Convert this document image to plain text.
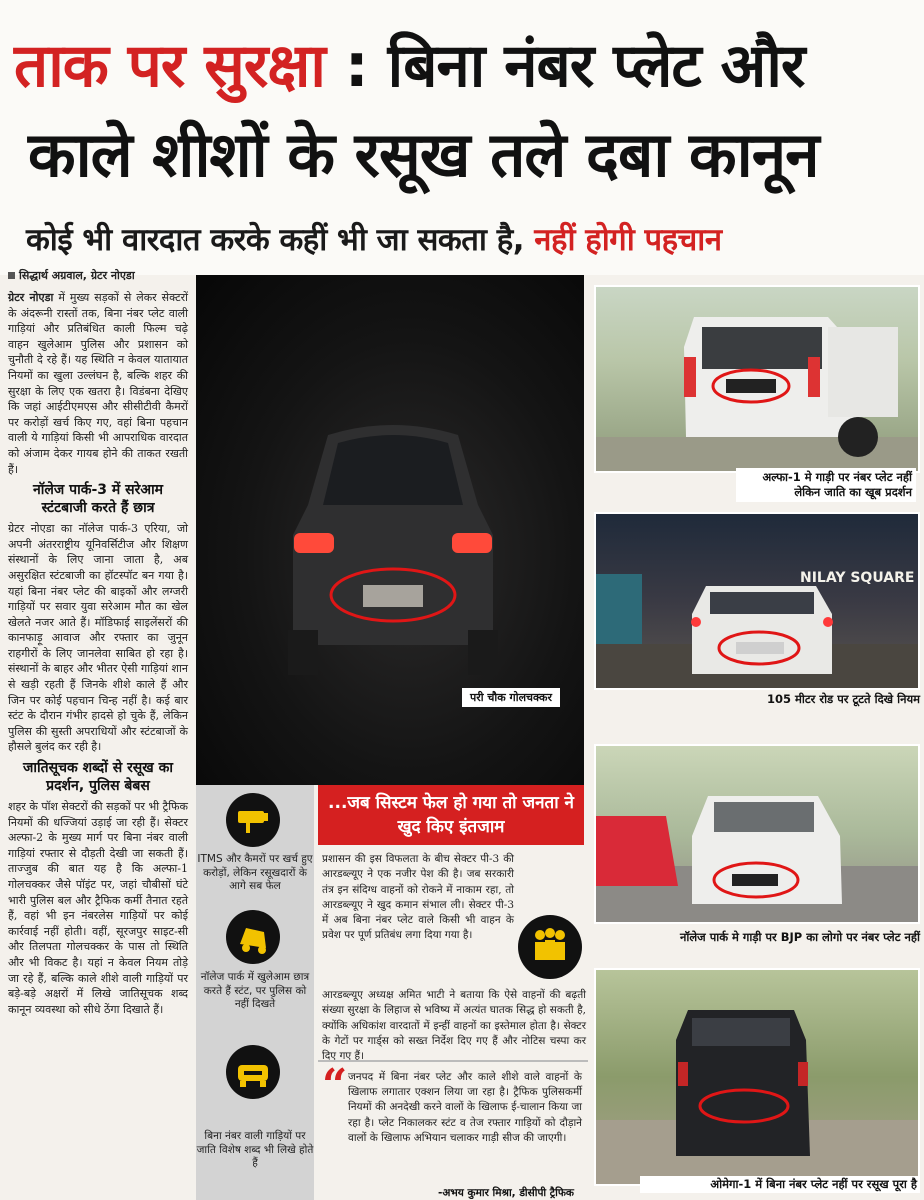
ताक पर सुरक्षा : बिना नंबर प्लेट और
काले शीशों के रसूख तले दबा कानून
कोई भी वारदात करके कहीं भी जा सकता है, नहीं होगी पहचान
सिद्धार्थ अग्रवाल, ग्रेटर नोएडा

ग्रेटर नोएडा में मुख्य सड़कों से लेकर सेक्टरों के अंदरूनी रास्तों तक, बिना नंबर प्लेट वाली गाड़ियां और प्रतिबंधित काली फिल्म चढ़े वाहन खुलेआम पुलिस और प्रशासन को चुनौती दे रहे हैं। यह स्थिति न केवल यातायात नियमों का खुला उल्लंघन है, बल्कि शहर की सुरक्षा के लिए एक खतरा है। विडंबना देखिए कि जहां आईटीएमएस और सीसीटीवी कैमरों पर करोड़ों खर्च किए गए, वहां बिना पहचान वाली ये गाड़ियां किसी भी आपराधिक वारदात को अंजाम देकर गायब होने की ताकत रखती हैं।

नॉलेज पार्क-3 में सरेआम स्टंटबाजी करते हैं छात्र

ग्रेटर नोएडा का नॉलेज पार्क-3 एरिया, जो अपनी अंतरराष्ट्रीय यूनिवर्सिटीज और शिक्षण संस्थानों के लिए जाना जाता है, अब असुरक्षित स्टंटबाजी का हॉटस्पॉट बन गया है। यहां बिना नंबर प्लेट की बाइकों और लग्जरी गाड़ियों पर सवार युवा सरेआम मौत का खेल खेलते नजर आते हैं। मॉडिफाई साइलेंसरों की कानफाड़ू आवाज और रफ्तार का जुनून राहगीरों के लिए जानलेवा साबित हो रहा है। संस्थानों के बाहर और भीतर ऐसी गाड़ियां शान से खड़ी रहती हैं जिनके शीशे काले हैं और जिन पर कोई पहचान चिन्ह नहीं है। कई बार स्टंट के दौरान गंभीर हादसे हो चुके हैं, लेकिन पुलिस की सुस्ती अपराधियों और स्टंटबाजों के हौसले बुलंद कर रही है।

जातिसूचक शब्दों से रसूख का प्रदर्शन, पुलिस बेबस

शहर के पॉश सेक्टरों की सड़कों पर भी ट्रैफिक नियमों की धज्जियां उड़ाई जा रही हैं। सेक्टर अल्फा-2 के मुख्य मार्ग पर बिना नंबर वाली गाड़ियां रफ्तार से दौड़ती देखी जा सकती हैं। ताज्जुब की बात यह है कि अल्फा-1 गोलचक्कर जैसे पॉइंट पर, जहां चौबीसों घंटे भारी पुलिस बल और ट्रैफिक कर्मी तैनात रहते हैं, वहां भी इन नंबरलेस गाड़ियों पर कोई कार्रवाई नहीं होती। वहीं, सूरजपुर साइट-सी और तिलपता गोलचक्कर के पास तो स्थिति और भी विकट है। यहां न केवल नियम तोड़े जा रहे हैं, बल्कि काले शीशे वाली गाड़ियों पर बड़े-बड़े अक्षरों में लिखे जातिसूचक शब्द कानून व्यवस्था को सीधे ठेंगा दिखाते हैं।

परी चौक गोलचक्कर
अल्फा-1 मे गाड़ी पर नंबर प्लेट नहीं लेकिन जाति का खूब प्रदर्शन
NILAY SQUARE
105 मीटर रोड पर टूटते दिखे नियम
नॉलेज पार्क मे गाड़ी पर BJP का लोगो पर नंबर प्लेट नहीं
ओमेगा-1 में बिना नंबर प्लेट नहीं पर रसूख पूरा है
ITMS और कैमरों पर खर्च हुए करोड़ों, लेकिन रसूखदारों के आगे सब फेल
नॉलेज पार्क में खुलेआम छात्र करते हैं स्टंट, पर पुलिस को नहीं दिखते
बिना नंबर वाली गाड़ियों पर जाति विशेष शब्द भी लिखे होते हैं
...जब सिस्टम फेल हो गया तो जनता ने खुद किए इंतजाम
प्रशासन की इस विफलता के बीच सेक्टर पी-3 की आरडब्ल्यूए ने एक नजीर पेश की है। जब सरकारी तंत्र इन संदिग्ध वाहनों को रोकने में नाकाम रहा, तो आरडब्ल्यूए ने खुद कमान संभाल ली। सेक्टर पी-3 में अब बिना नंबर प्लेट वाले किसी भी वाहन के प्रवेश पर पूर्ण प्रतिबंध लगा दिया गया है।
आरडब्ल्यूए अध्यक्ष अमित भाटी ने बताया कि ऐसे वाहनों की बढ़ती संख्या सुरक्षा के लिहाज से भविष्य में अत्यंत घातक सिद्ध हो सकती है, क्योंकि अधिकांश वारदातों में इन्हीं वाहनों का इस्तेमाल होता है। सेक्टर के गेटों पर गार्ड्स को सख्त निर्देश दिए गए हैं और नोटिस चस्पा कर दिए गए हैं।
“ जनपद में बिना नंबर प्लेट और काले शीशे वाले वाहनों के खिलाफ लगातार एक्शन लिया जा रहा है। ट्रैफिक पुलिसकर्मी नियमों की अनदेखी करने वालों के खिलाफ ई-चालान किया जा रहा है। प्लेट निकालकर स्टंट व तेज रफ्तार गाड़ियों को दौड़ाने वालों के खिलाफ अभियान चलाकर गाड़ी सीज की जाएगी।
-अभय कुमार मिश्रा, डीसीपी ट्रैफिक
